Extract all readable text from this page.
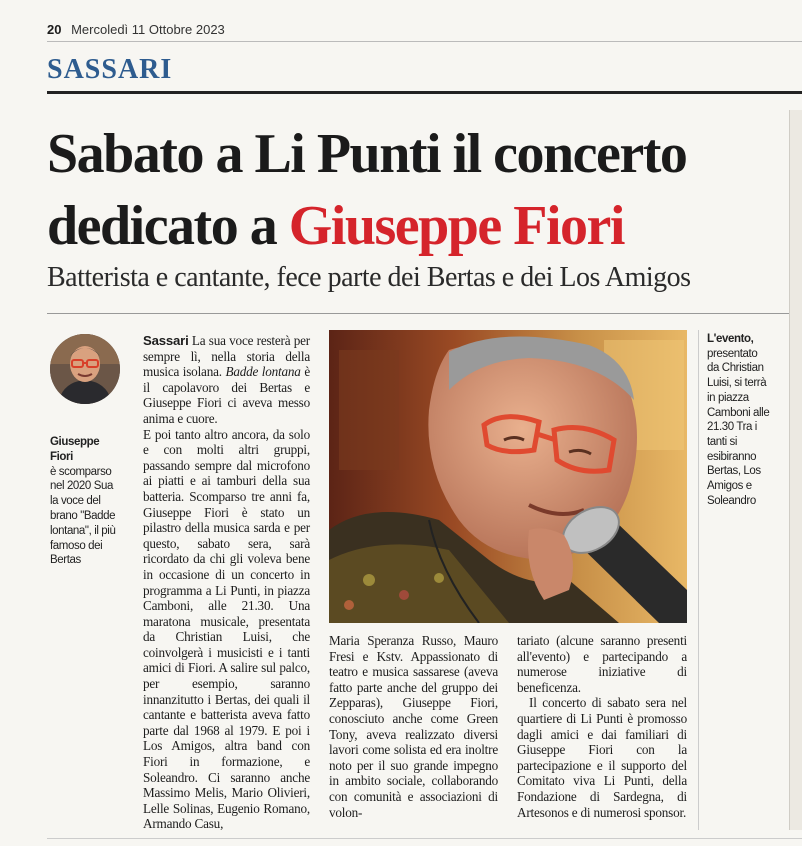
20 Mercoledì 11 Ottobre 2023
SASSARI
Sabato a Li Punti il concerto
dedicato a Giuseppe Fiori
Batterista e cantante, fece parte dei Bertas e dei Los Amigos
Giuseppe Fiori
è scomparso nel 2020 Sua la voce del brano "Badde lontana", il più famoso dei Bertas

Sassari La sua voce resterà per sempre lì, nella storia della musica isolana. Badde lontana è il capolavoro dei Bertas e Giuseppe Fiori ci aveva messo anima e cuore.

E poi tanto altro ancora, da solo e con molti altri gruppi, passando sempre dal microfono ai piatti e ai tamburi della sua batteria. Scomparso tre anni fa, Giuseppe Fiori è stato un pilastro della musica sarda e per questo, sabato sera, sarà ricordato da chi gli voleva bene in occasione di un concerto in programma a Li Punti, in piazza Camboni, alle 21.30. Una maratona musicale, presentata da Christian Luisi, che coinvolgerà i musicisti e i tanti amici di Fiori. A salire sul palco, per esempio, saranno innanzitutto i Bertas, dei quali il cantante e batterista aveva fatto parte dal 1968 al 1979. E poi i Los Amigos, altra band con Fiori in formazione, e Soleandro. Ci saranno anche Massimo Melis, Mario Olivieri, Lelle Solinas, Eugenio Romano, Armando Casu,

Maria Speranza Russo, Mauro Fresi e Kstv. Appassionato di teatro e musica sassarese (aveva fatto parte anche del gruppo dei Zepparas), Giuseppe Fiori, conosciuto anche come Green Tony, aveva realizzato diversi lavori come solista ed era inoltre noto per il suo grande impegno in ambito sociale, collaborando con comunità e associazioni di volon-

tariato (alcune saranno presenti all'evento) e partecipando a numerose iniziative di beneficenza.

Il concerto di sabato sera nel quartiere di Li Punti è promosso dagli amici e dai familiari di Giuseppe Fiori con la partecipazione e il supporto del Comitato viva Li Punti, della Fondazione di Sardegna, di Artesonos e di numerosi sponsor.

L'evento, presentato da Christian Luisi, si terrà in piazza Camboni alle 21.30 Tra i tanti si esibiranno Bertas, Los Amigos e Soleandro
